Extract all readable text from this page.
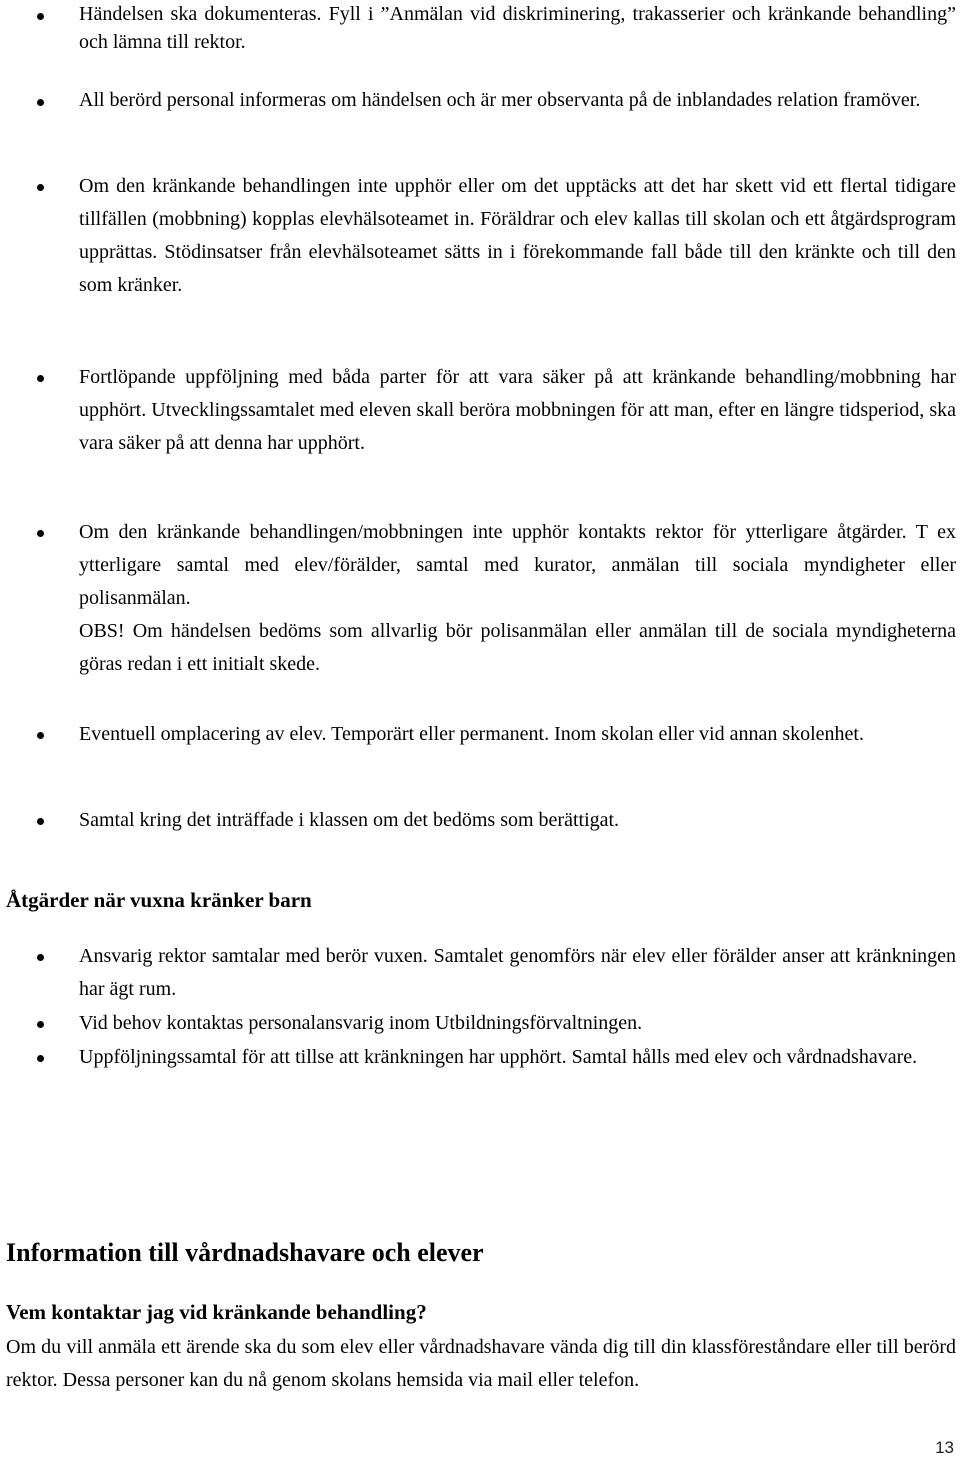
Händelsen ska dokumenteras. Fyll i ”Anmälan vid diskriminering, trakasserier och kränkande behandling” och lämna till rektor.
All berörd personal informeras om händelsen och är mer observanta på de inblandades relation framöver.
Om den kränkande behandlingen inte upphör eller om det upptäcks att det har skett vid ett flertal tidigare tillfällen (mobbning) kopplas elevhälsoteamet in. Föräldrar och elev kallas till skolan och ett åtgärdsprogram upprättas. Stödinsatser från elevhälsoteamet sätts in i förekommande fall både till den kränkte och till den som kränker.
Fortlöpande uppföljning med båda parter för att vara säker på att kränkande behandling/mobbning har upphört. Utvecklingssamtalet med eleven skall beröra mobbningen för att man, efter en längre tidsperiod, ska vara säker på att denna har upphört.
Om den kränkande behandlingen/mobbningen inte upphör kontakts rektor för ytterligare åtgärder. T ex ytterligare samtal med elev/förälder, samtal med kurator, anmälan till sociala myndigheter eller polisanmälan.
OBS! Om händelsen bedöms som allvarlig bör polisanmälan eller anmälan till de sociala myndigheterna göras redan i ett initialt skede.
Eventuell omplacering av elev. Temporärt eller permanent. Inom skolan eller vid annan skolenhet.
Samtal kring det inträffade i klassen om det bedöms som berättigat.
Åtgärder när vuxna kränker barn
Ansvarig rektor samtalar med berör vuxen. Samtalet genomförs när elev eller förälder anser att kränkningen har ägt rum.
Vid behov kontaktas personalansvarig inom Utbildningsförvaltningen.
Uppföljningssamtal för att tillse att kränkningen har upphört. Samtal hålls med elev och vårdnadshavare.
Information till vårdnadshavare och elever
Vem kontaktar jag vid kränkande behandling?
Om du vill anmäla ett ärende ska du som elev eller vårdnadshavare vända dig till din klassföreståndare eller till berörd rektor. Dessa personer kan du nå genom skolans hemsida via mail eller telefon.
13
